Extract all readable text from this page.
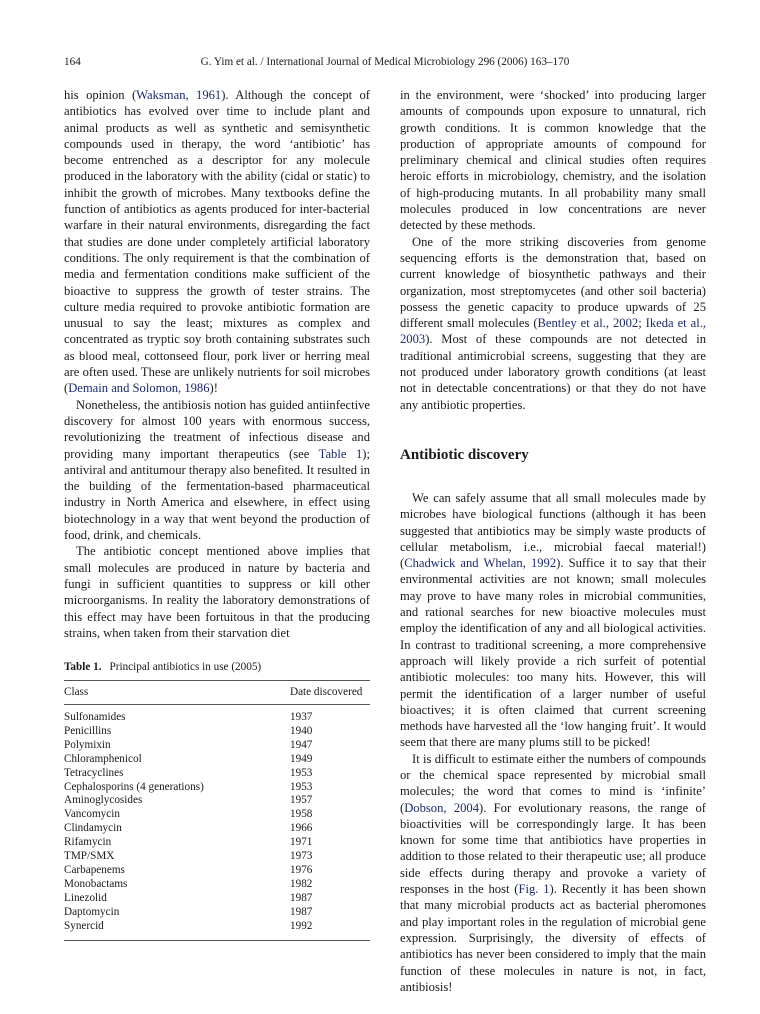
164	G. Yim et al. / International Journal of Medical Microbiology 296 (2006) 163–170

his opinion (Waksman, 1961). Although the concept of antibiotics has evolved over time to include plant and animal products as well as synthetic and semisynthetic compounds used in therapy, the word ‘antibiotic’ has become entrenched as a descriptor for any molecule produced in the laboratory with the ability (cidal or static) to inhibit the growth of microbes. Many textbooks define the function of antibiotics as agents produced for inter-bacterial warfare in their natural environments, disregarding the fact that studies are done under completely artificial laboratory conditions. The only requirement is that the combination of media and fermentation conditions make sufficient of the bioactive to suppress the growth of tester strains. The culture media required to provoke antibiotic formation are unusual to say the least; mixtures as complex and concentrated as tryptic soy broth containing substrates such as blood meal, cottonseed flour, pork liver or herring meal are often used. These are unlikely nutrients for soil microbes (Demain and Solomon, 1986)!

Nonetheless, the antibiosis notion has guided antiinfective discovery for almost 100 years with enormous success, revolutionizing the treatment of infectious disease and providing many important therapeutics (see Table 1); antiviral and antitumour therapy also benefited. It resulted in the building of the fermentation-based pharmaceutical industry in North America and elsewhere, in effect using biotechnology in a way that went beyond the production of food, drink, and chemicals.

The antibiotic concept mentioned above implies that small molecules are produced in nature by bacteria and fungi in sufficient quantities to suppress or kill other microorganisms. In reality the laboratory demonstrations of this effect may have been fortuitous in that the producing strains, when taken from their starvation diet

Table 1. Principal antibiotics in use (2005)
Class	Date discovered
Sulfonamides	1937
Penicillins	1940
Polymixin	1947
Chloramphenicol	1949
Tetracyclines	1953
Cephalosporins (4 generations)	1953
Aminoglycosides	1957
Vancomycin	1958
Clindamycin	1966
Rifamycin	1971
TMP/SMX	1973
Carbapenems	1976
Monobactams	1982
Linezolid	1987
Daptomycin	1987
Synercid	1992

in the environment, were ‘shocked’ into producing larger amounts of compounds upon exposure to unnatural, rich growth conditions. It is common knowledge that the production of appropriate amounts of compound for preliminary chemical and clinical studies often requires heroic efforts in microbiology, chemistry, and the isolation of high-producing mutants. In all probability many small molecules produced in low concentrations are never detected by these methods.

One of the more striking discoveries from genome sequencing efforts is the demonstration that, based on current knowledge of biosynthetic pathways and their organization, most streptomycetes (and other soil bacteria) possess the genetic capacity to produce upwards of 25 different small molecules (Bentley et al., 2002; Ikeda et al., 2003). Most of these compounds are not detected in traditional antimicrobial screens, suggesting that they are not produced under laboratory growth conditions (at least not in detectable concentrations) or that they do not have any antibiotic properties.

Antibiotic discovery

We can safely assume that all small molecules made by microbes have biological functions (although it has been suggested that antibiotics may be simply waste products of cellular metabolism, i.e., microbial faecal material!) (Chadwick and Whelan, 1992). Suffice it to say that their environmental activities are not known; small molecules may prove to have many roles in microbial communities, and rational searches for new bioactive molecules must employ the identification of any and all biological activities. In contrast to traditional screening, a more comprehensive approach will likely provide a rich surfeit of potential antibiotic molecules: too many hits. However, this will permit the identification of a larger number of useful bioactives; it is often claimed that current screening methods have harvested all the ‘low hanging fruit’. It would seem that there are many plums still to be picked!

It is difficult to estimate either the numbers of compounds or the chemical space represented by microbial small molecules; the word that comes to mind is ‘infinite’ (Dobson, 2004). For evolutionary reasons, the range of bioactivities will be correspondingly large. It has been known for some time that antibiotics have properties in addition to those related to their therapeutic use; all produce side effects during therapy and provoke a variety of responses in the host (Fig. 1). Recently it has been shown that many microbial products act as bacterial pheromones and play important roles in the regulation of microbial gene expression. Surprisingly, the diversity of effects of antibiotics has never been considered to imply that the main function of these molecules in nature is not, in fact, antibiosis!
